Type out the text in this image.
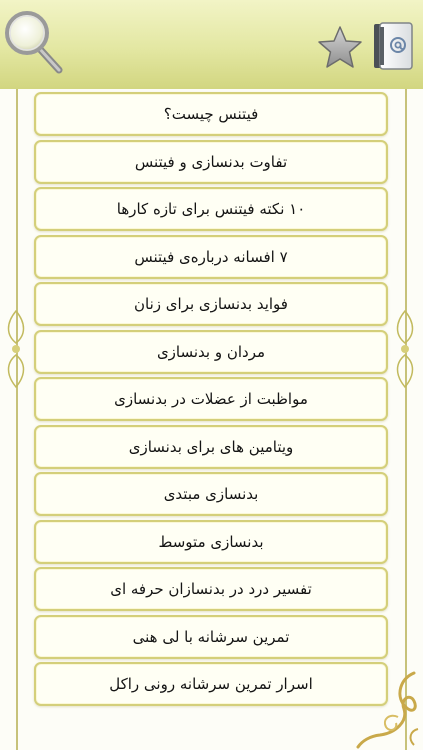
فیتنس چیست؟
تفاوت بدنسازی و فیتنس
۱۰ نکته فیتنس برای تازه کارها
۷ افسانه درباره‌ی فیتنس
فواید بدنسازی برای زنان
مردان و بدنسازی
مواظبت از عضلات در بدنسازی
ویتامین های برای بدنسازی
بدنسازی مبتدی
بدنسازی متوسط
تفسیر درد در بدنسازان حرفه ای
تمرین سرشانه با لی هنی
اسرار تمرین سرشانه رونی راکل
